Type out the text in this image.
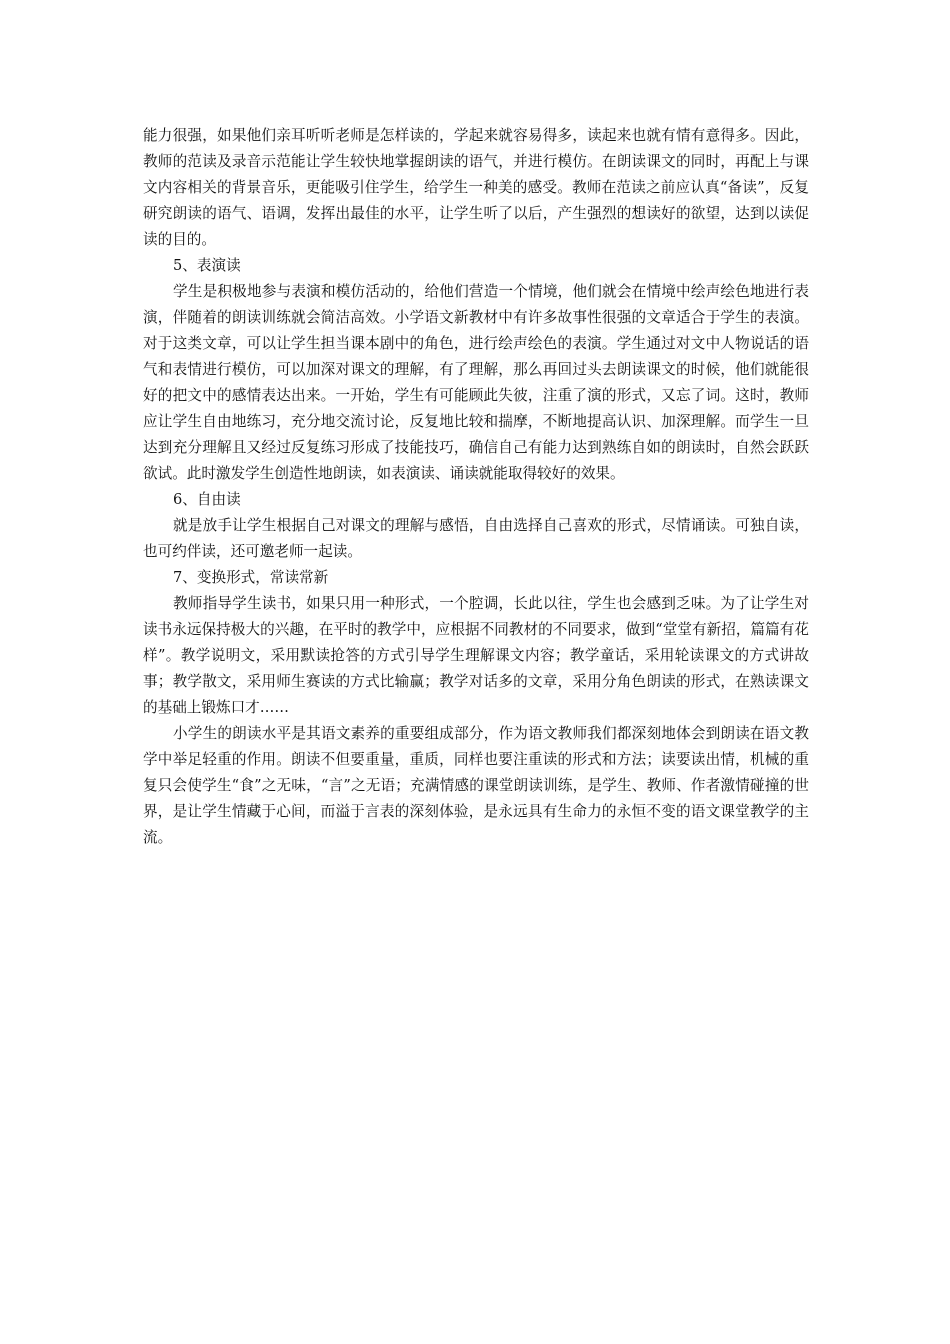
能力很强，如果他们亲耳听听老师是怎样读的，学起来就容易得多，读起来也就有情有意得多。因此，教师的范读及录音示范能让学生较快地掌握朗读的语气，并进行模仿。在朗读课文的同时，再配上与课文内容相关的背景音乐，更能吸引住学生，给学生一种美的感受。教师在范读之前应认真“备读”，反复研究朗读的语气、语调，发挥出最佳的水平，让学生听了以后，产生强烈的想读好的欲望，达到以读促读的目的。

5、表演读

学生是积极地参与表演和模仿活动的，给他们营造一个情境，他们就会在情境中绘声绘色地进行表演，伴随着的朗读训练就会简洁高效。小学语文新教材中有许多故事性很强的文章适合于学生的表演。对于这类文章，可以让学生担当课本剧中的角色，进行绘声绘色的表演。学生通过对文中人物说话的语气和表情进行模仿，可以加深对课文的理解，有了理解，那么再回过头去朗读课文的时候，他们就能很好的把文中的感情表达出来。一开始，学生有可能顾此失彼，注重了演的形式，又忘了词。这时，教师应让学生自由地练习，充分地交流讨论，反复地比较和揣摩，不断地提高认识、加深理解。而学生一旦达到充分理解且又经过反复练习形成了技能技巧，确信自己有能力达到熟练自如的朗读时，自然会跃跃欲试。此时激发学生创造性地朗读，如表演读、诵读就能取得较好的效果。

6、自由读

就是放手让学生根据自己对课文的理解与感悟，自由选择自己喜欢的形式，尽情诵读。可独自读，也可约伴读，还可邀老师一起读。

7、变换形式，常读常新

教师指导学生读书，如果只用一种形式，一个腔调，长此以往，学生也会感到乏味。为了让学生对读书永远保持极大的兴趣，在平时的教学中，应根据不同教材的不同要求，做到“堂堂有新招，篇篇有花样”。教学说明文，采用默读抢答的方式引导学生理解课文内容；教学童话，采用轮读课文的方式讲故事；教学散文，采用师生赛读的方式比输赢；教学对话多的文章，采用分角色朗读的形式，在熟读课文的基础上锻炼口才……

小学生的朗读水平是其语文素养的重要组成部分，作为语文教师我们都深刻地体会到朗读在语文教学中举足轻重的作用。朗读不但要重量，重质，同样也要注重读的形式和方法；读要读出情，机械的重复只会使学生“食”之无味，“言”之无语；充满情感的课堂朗读训练，是学生、教师、作者激情碰撞的世界，是让学生情藏于心间，而溢于言表的深刻体验，是永远具有生命力的永恒不变的语文课堂教学的主流。
